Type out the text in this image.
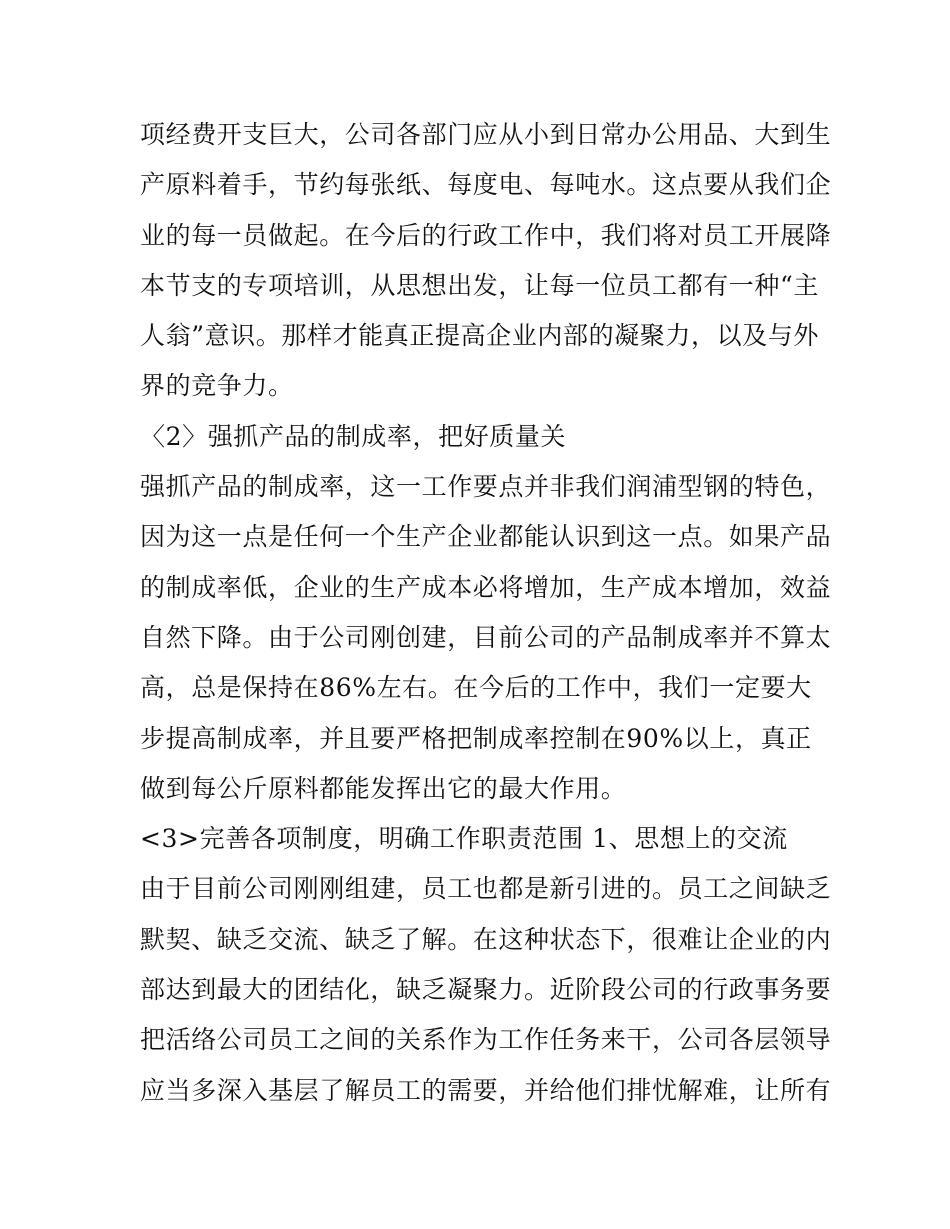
项经费开支巨大，公司各部门应从小到日常办公用品、大到生
产原料着手，节约每张纸、每度电、每吨水。这点要从我们企
业的每一员做起。在今后的行政工作中，我们将对员工开展降
本节支的专项培训，从思想出发，让每一位员工都有一种“主
人翁”意识。那样才能真正提高企业内部的凝聚力，以及与外
界的竞争力。
〈2〉强抓产品的制成率，把好质量关
强抓产品的制成率，这一工作要点并非我们润浦型钢的特色，
因为这一点是任何一个生产企业都能认识到这一点。如果产品
的制成率低，企业的生产成本必将增加，生产成本增加，效益
自然下降。由于公司刚创建，目前公司的产品制成率并不算太
高，总是保持在86%左右。在今后的工作中，我们一定要大
步提高制成率，并且要严格把制成率控制在90%以上，真正
做到每公斤原料都能发挥出它的最大作用。
<3>完善各项制度，明确工作职责范围 1、思想上的交流
由于目前公司刚刚组建，员工也都是新引进的。员工之间缺乏
默契、缺乏交流、缺乏了解。在这种状态下，很难让企业的内
部达到最大的团结化，缺乏凝聚力。近阶段公司的行政事务要
把活络公司员工之间的关系作为工作任务来干，公司各层领导
应当多深入基层了解员工的需要，并给他们排忧解难，让所有
